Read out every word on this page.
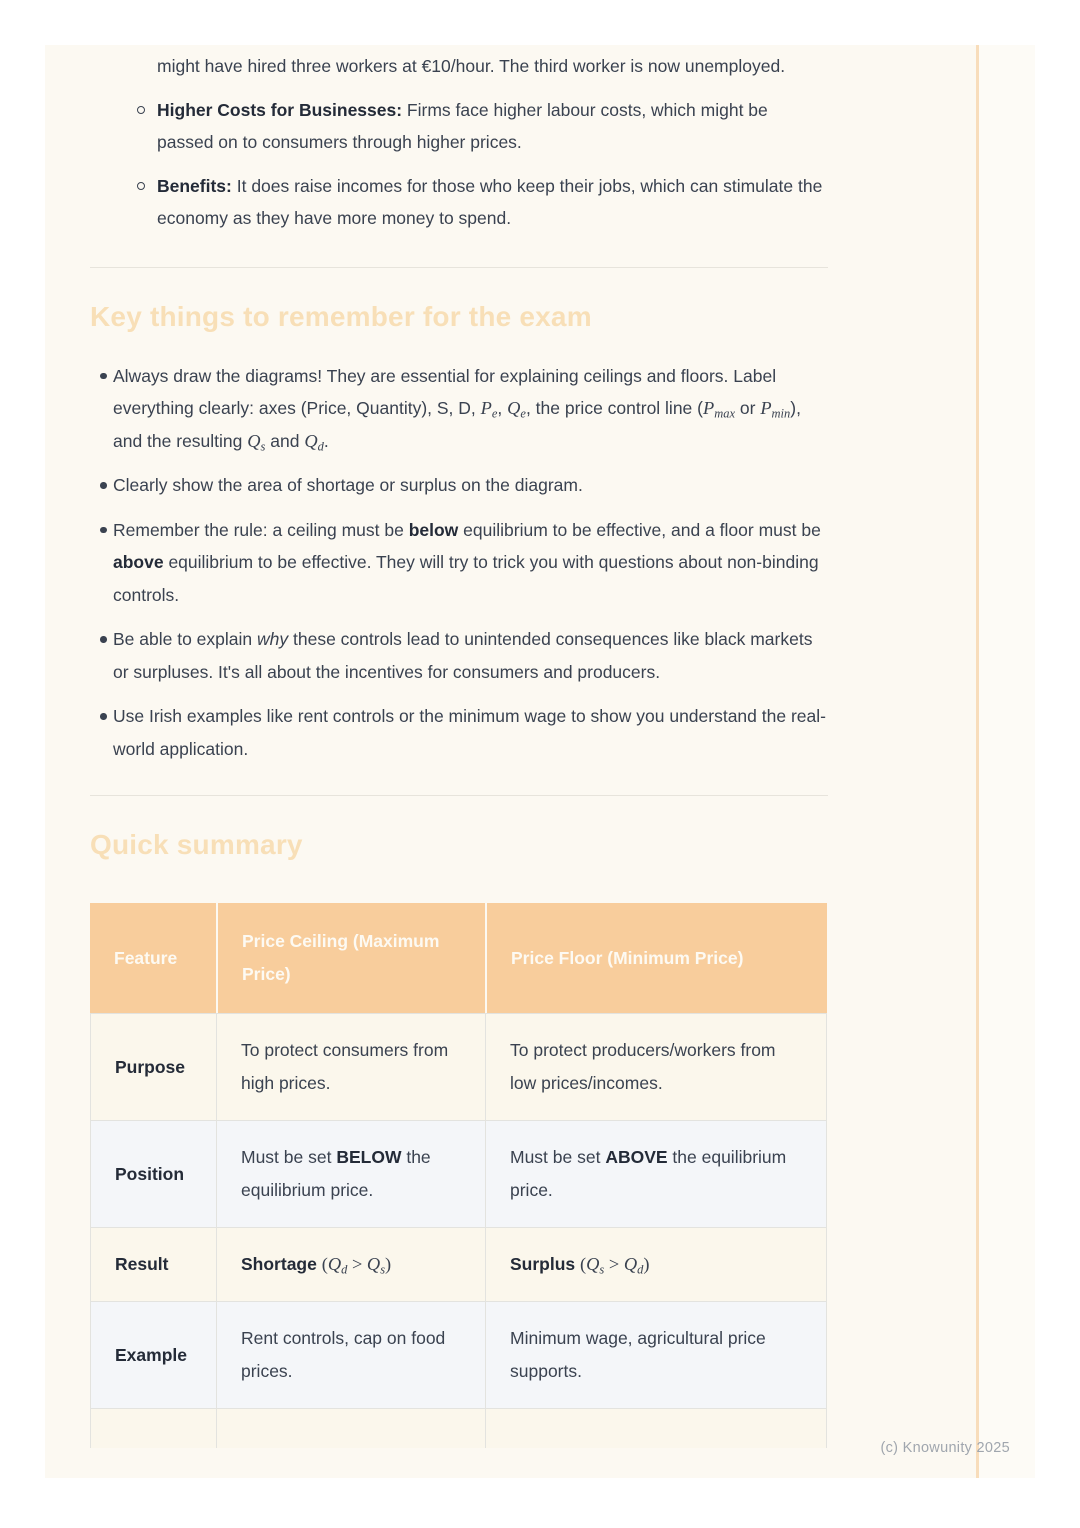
might have hired three workers at €10/hour. The third worker is now unemployed.

Higher Costs for Businesses: Firms face higher labour costs, which might be passed on to consumers through higher prices.
Benefits: It does raise incomes for those who keep their jobs, which can stimulate the economy as they have more money to spend.
Key things to remember for the exam
Always draw the diagrams! They are essential for explaining ceilings and floors. Label everything clearly: axes (Price, Quantity), S, D, $P_e$, $Q_e$, the price control line ($P_{max}$ or $P_{min}$), and the resulting $Q_s$ and $Q_d$.
Clearly show the area of shortage or surplus on the diagram.
Remember the rule: a ceiling must be below equilibrium to be effective, and a floor must be above equilibrium to be effective. They will try to trick you with questions about non-binding controls.
Be able to explain why these controls lead to unintended consequences like black markets or surpluses. It's all about the incentives for consumers and producers.
Use Irish examples like rent controls or the minimum wage to show you understand the real-world application.
Quick summary
Feature	Price Ceiling (Maximum Price)	Price Floor (Minimum Price)
Purpose	To protect consumers from high prices.	To protect producers/workers from low prices/incomes.
Position	Must be set BELOW the equilibrium price.	Must be set ABOVE the equilibrium price.
Result	Shortage $(Q_d > Q_s)$	Surplus $(Q_s > Q_d)$
Example	Rent controls, cap on food prices.	Minimum wage, agricultural price supports.

(c) Knowunity 2025
